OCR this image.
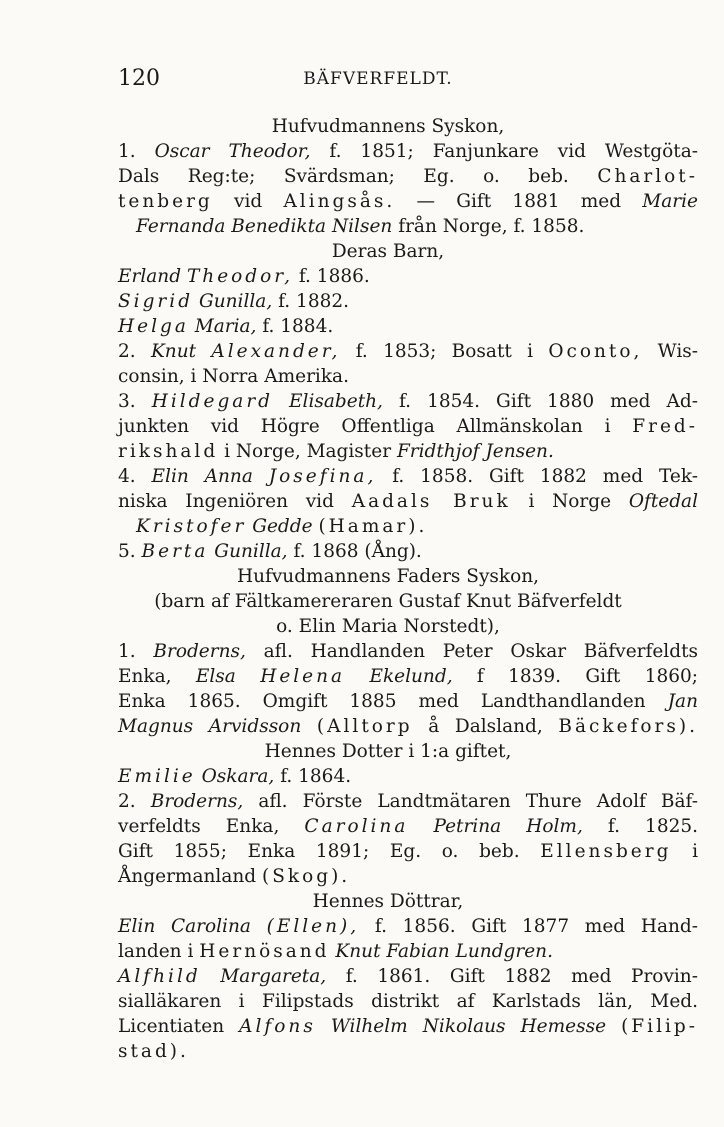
120	BÄFVERFELDT.
Hufvudmannens Syskon,
1. Oscar Theodor, f. 1851; Fanjunkare vid Westgöta-
Dals Reg:te; Svärdsman; Eg. o. beb. Charlot-
tenberg vid Alingsås. — Gift 1881 med Marie
Fernanda Benedikta Nilsen från Norge, f. 1858.
Deras Barn,
Erland Theodor, f. 1886.
Sigrid Gunilla, f. 1882.
Helga Maria, f. 1884.
2. Knut Alexander, f. 1853; Bosatt i Oconto, Wis-
consin, i Norra Amerika.
3. Hildegard Elisabeth, f. 1854. Gift 1880 med Ad-
junkten vid Högre Offentliga Allmänskolan i Fred-
rikshald i Norge, Magister Fridthjof Jensen.
4. Elin Anna Josefina, f. 1858. Gift 1882 med Tek-
niska Ingeniören vid Aadals Bruk i Norge Oftedal
Kristofer Gedde (Hamar).
5. Berta Gunilla, f. 1868 (Ång).
Hufvudmannens Faders Syskon,
(barn af Fältkamereraren Gustaf Knut Bäfverfeldt
o. Elin Maria Norstedt),
1. Broderns, afl. Handlanden Peter Oskar Bäfverfeldts
Enka, Elsa Helena Ekelund, f 1839. Gift 1860;
Enka 1865. Omgift 1885 med Landthandlanden Jan
Magnus Arvidsson (Alltorp å Dalsland, Bäckefors).
Hennes Dotter i 1:a giftet,
Emilie Oskara, f. 1864.
2. Broderns, afl. Förste Landtmätaren Thure Adolf Bäf-
verfeldts Enka, Carolina Petrina Holm, f. 1825.
Gift 1855; Enka 1891; Eg. o. beb. Ellensberg i
Ångermanland (Skog).
Hennes Döttrar,
Elin Carolina (Ellen), f. 1856. Gift 1877 med Hand-
landen i Hernösand Knut Fabian Lundgren.
Alfhild Margareta, f. 1861. Gift 1882 med Provin-
sialläkaren i Filipstads distrikt af Karlstads län, Med.
Licentiaten Alfons Wilhelm Nikolaus Hemesse (Filip-
stad).
